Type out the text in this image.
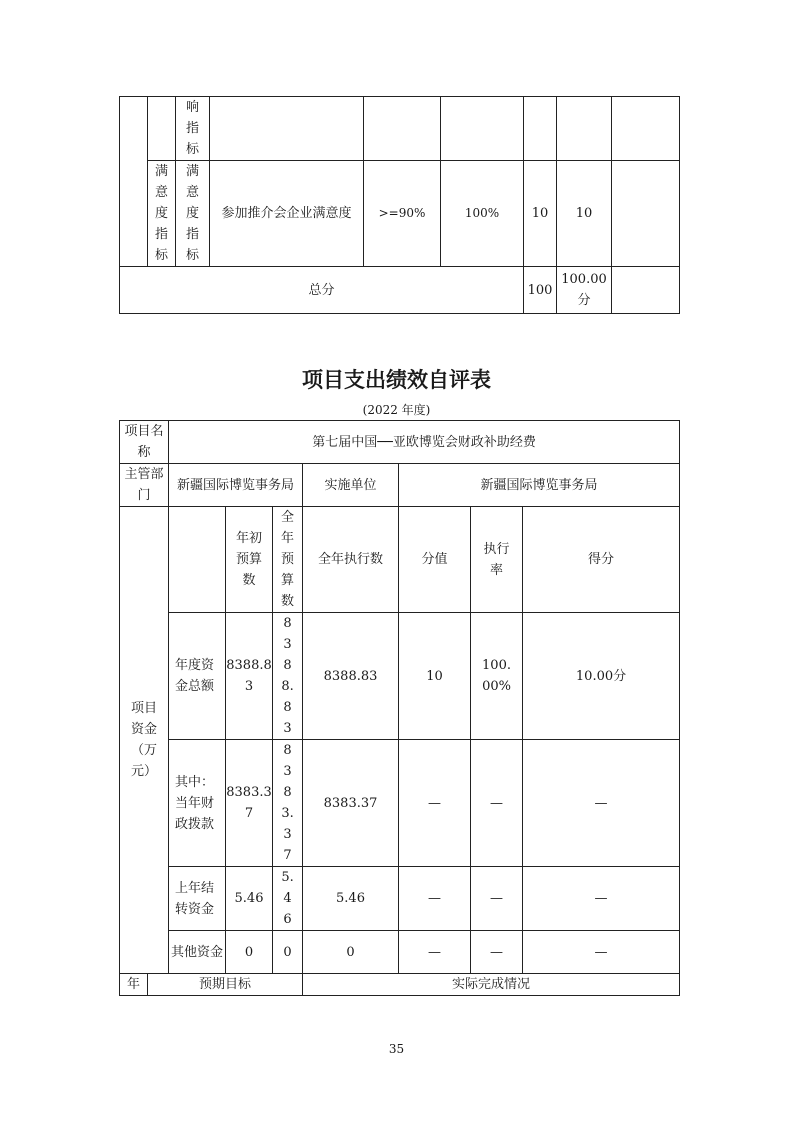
		响指标						
	满意度指标	满意度指标	参加推介会企业满意度	>=90%	100%	10	10	
总分						100	100.00分	
项目支出绩效自评表
(2022 年度)
项目名称		第七届中国──亚欧博览会财政补助经费						
主管部门		新疆国际博览事务局			实施单位	新疆国际博览事务局		
项目资金（万元）			年初预算数	全年预算数	全年执行数	分值	执行率	得分
		年度资金总额	8388.83	8388.83	8388.83	10	100.00%	10.00分
		其中：当年财政拨款	8383.37	8383.37	8383.37	—	—	—
		上年结转资金	5.46	5.46	5.46	—	—	—
		其他资金	0	0	0	—	—	—
年	预期目标				实际完成情况			
35
